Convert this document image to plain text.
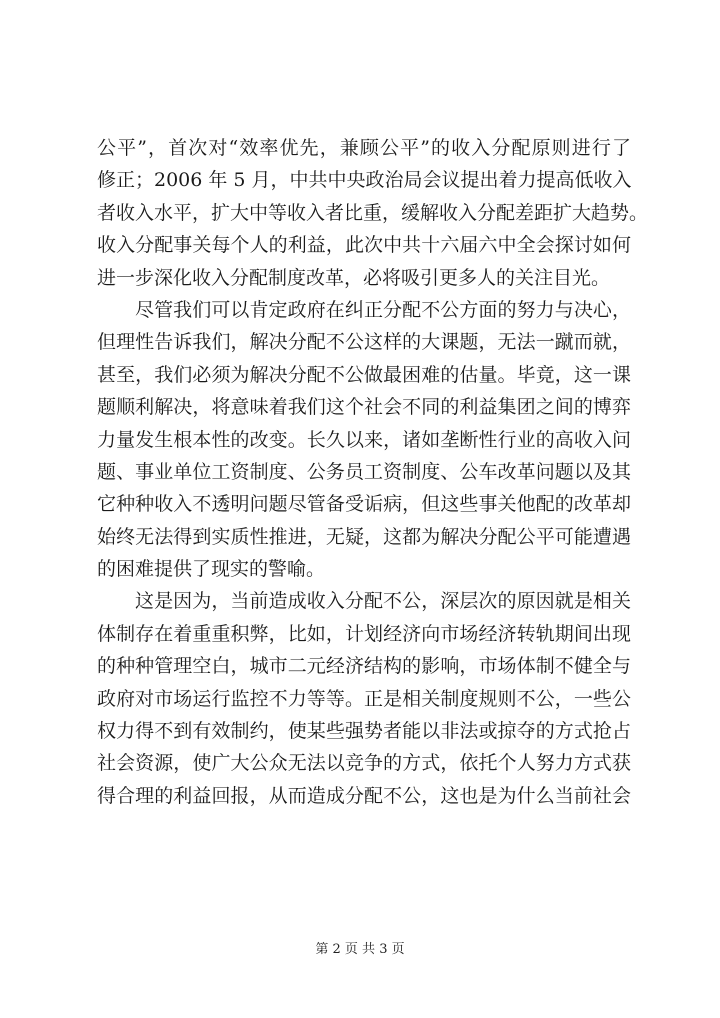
公平”，首次对“效率优先，兼顾公平”的收入分配原则进行了
修正；2006 年 5 月，中共中央政治局会议提出着力提高低收入
者收入水平，扩大中等收入者比重，缓解收入分配差距扩大趋势。
收入分配事关每个人的利益，此次中共十六届六中全会探讨如何
进一步深化收入分配制度改革，必将吸引更多人的关注目光。
尽管我们可以肯定政府在纠正分配不公方面的努力与决心，
但理性告诉我们，解决分配不公这样的大课题，无法一蹴而就，
甚至，我们必须为解决分配不公做最困难的估量。毕竟，这一课
题顺利解决，将意味着我们这个社会不同的利益集团之间的博弈
力量发生根本性的改变。长久以来，诸如垄断性行业的高收入问
题、事业单位工资制度、公务员工资制度、公车改革问题以及其
它种种收入不透明问题尽管备受诟病，但这些事关他配的改革却
始终无法得到实质性推进，无疑，这都为解决分配公平可能遭遇
的困难提供了现实的警喻。
这是因为，当前造成收入分配不公，深层次的原因就是相关
体制存在着重重积弊，比如，计划经济向市场经济转轨期间出现
的种种管理空白，城市二元经济结构的影响，市场体制不健全与
政府对市场运行监控不力等等。正是相关制度规则不公，一些公
权力得不到有效制约，使某些强势者能以非法或掠夺的方式抢占
社会资源，使广大公众无法以竞争的方式，依托个人努力方式获
得合理的利益回报，从而造成分配不公，这也是为什么当前社会
第 2 页 共 3 页
